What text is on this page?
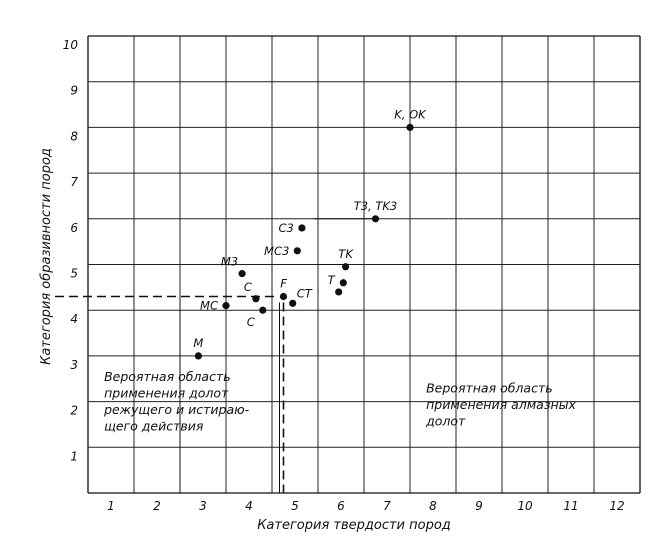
1	2	3	4	5	6	7	8	9	10	11	12
1
2
3
4
5
6
7
8
9
10
M
MC
M3
C
C
F
CT
MC3
C3
T
TK
T3, TK3
K, OK
Вероятная область применения долот режущего и истираю-щего действия
Вероятная область применения алмазных долот
Категория твердости пород
Категория образивности пород
